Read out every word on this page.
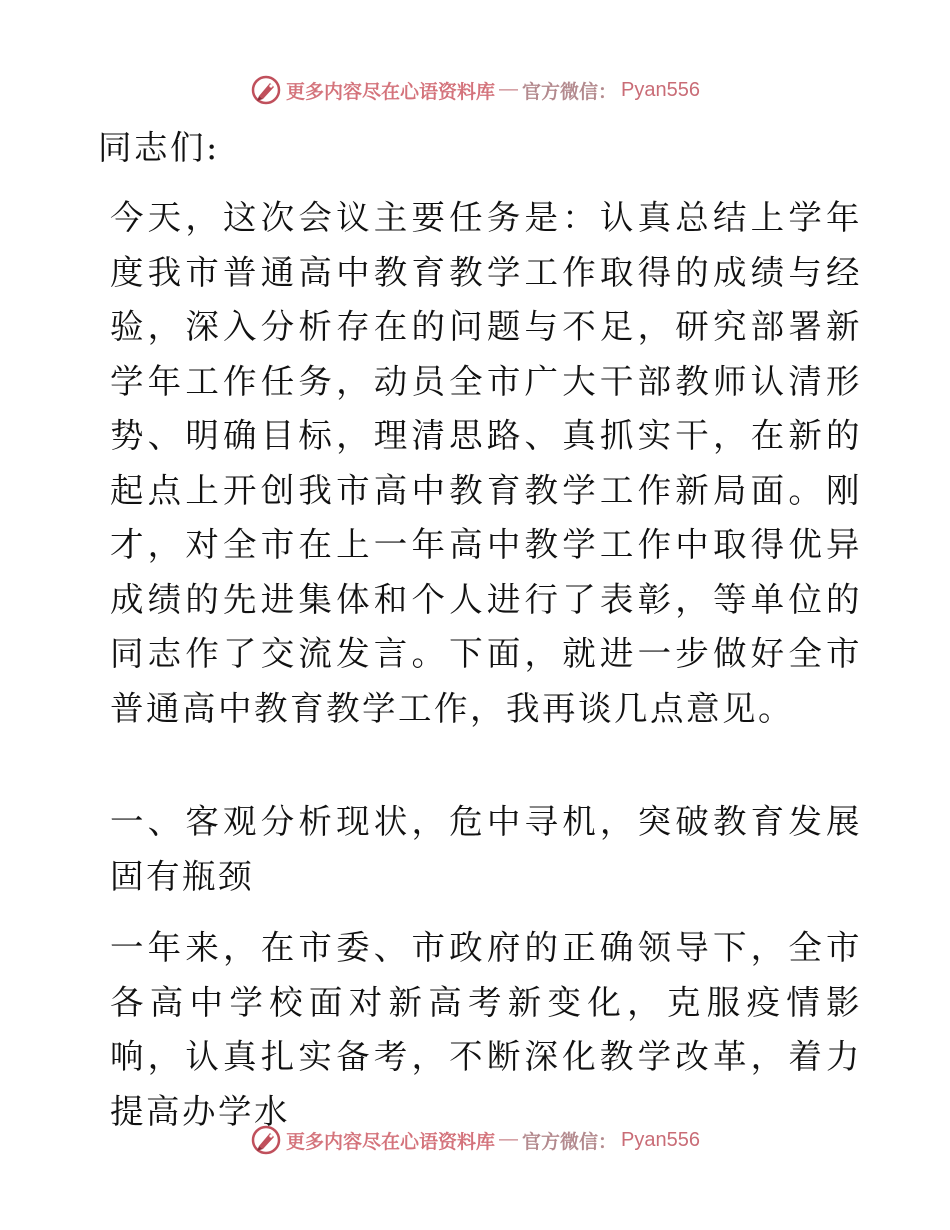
更多内容尽在心语资料库 — 官方微信： Pyan556
同志们:
今天，这次会议主要任务是：认真总结上学年度我市普通高中教育教学工作取得的成绩与经验，深入分析存在的问题与不足，研究部署新学年工作任务，动员全市广大干部教师认清形势、明确目标，理清思路、真抓实干，在新的起点上开创我市高中教育教学工作新局面。刚才，对全市在上一年高中教学工作中取得优异成绩的先进集体和个人进行了表彰，等单位的同志作了交流发言。下面，就进一步做好全市普通高中教育教学工作，我再谈几点意见。
一、客观分析现状，危中寻机，突破教育发展固有瓶颈
一年来，在市委、市政府的正确领导下，全市各高中学校面对新高考新变化，克服疫情影响，认真扎实备考，不断深化教学改革，着力提高办学水
更多内容尽在心语资料库 — 官方微信： Pyan556
